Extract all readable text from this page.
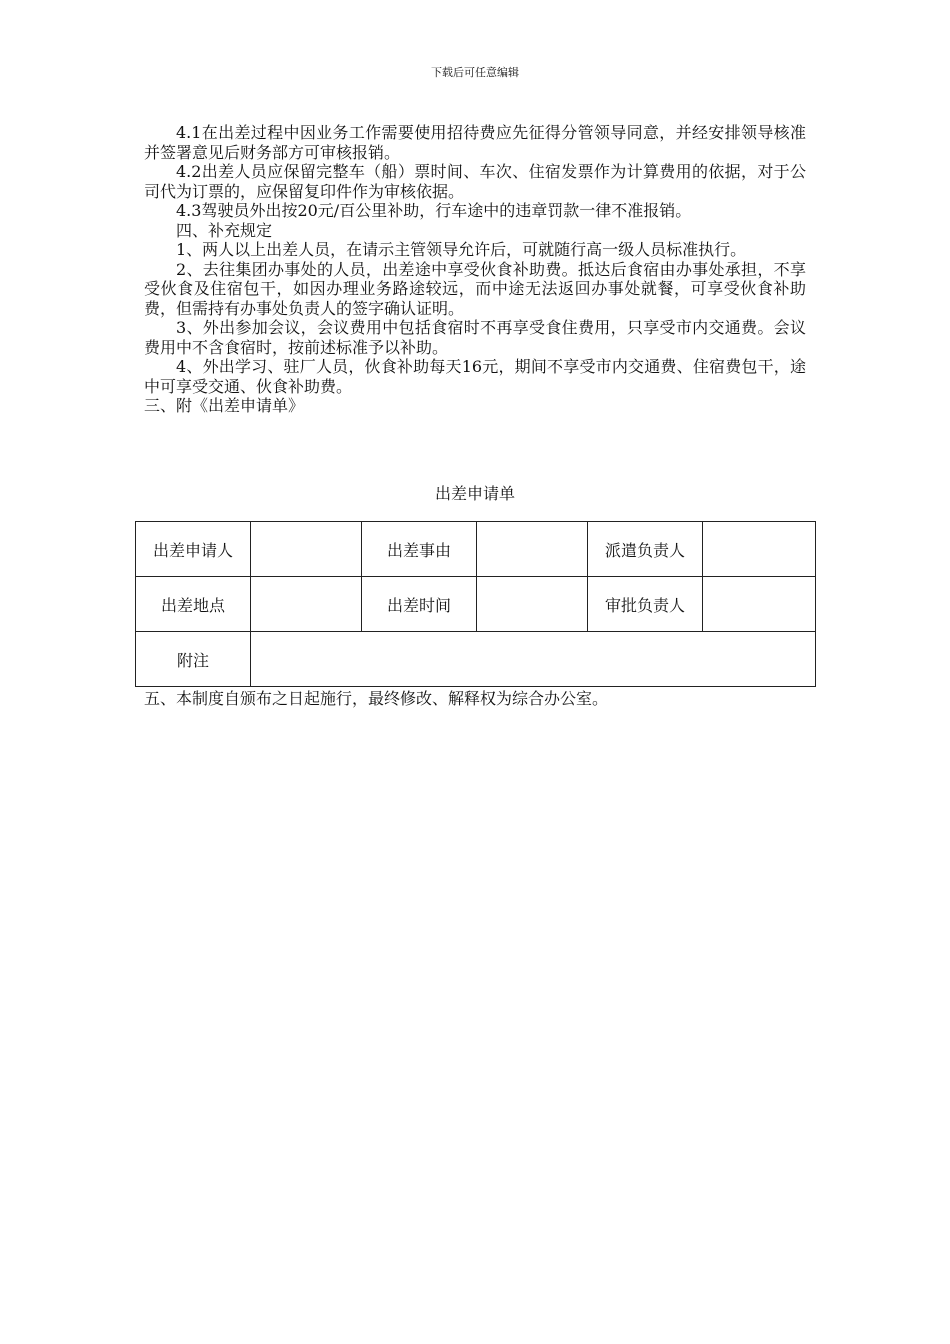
下载后可任意编辑

4.1在出差过程中因业务工作需要使用招待费应先征得分管领导同意，并经安排领导核准并签署意见后财务部方可审核报销。

4.2出差人员应保留完整车（船）票时间、车次、住宿发票作为计算费用的依据，对于公司代为订票的，应保留复印件作为审核依据。

4.3驾驶员外出按20元/百公里补助，行车途中的违章罚款一律不准报销。

四、补充规定

1、两人以上出差人员，在请示主管领导允许后，可就随行高一级人员标准执行。

2、去往集团办事处的人员，出差途中享受伙食补助费。抵达后食宿由办事处承担，不享受伙食及住宿包干，如因办理业务路途较远，而中途无法返回办事处就餐，可享受伙食补助费，但需持有办事处负责人的签字确认证明。

3、外出参加会议，会议费用中包括食宿时不再享受食住费用，只享受市内交通费。会议费用中不含食宿时，按前述标准予以补助。

4、外出学习、驻厂人员，伙食补助每天16元，期间不享受市内交通费、住宿费包干，途中可享受交通、伙食补助费。

三、附《出差申请单》

出差申请单
出差申请人		出差事由		派遣负责人	
出差地点		出差时间		审批负责人	
附注					

五、本制度自颁布之日起施行，最终修改、解释权为综合办公室。
